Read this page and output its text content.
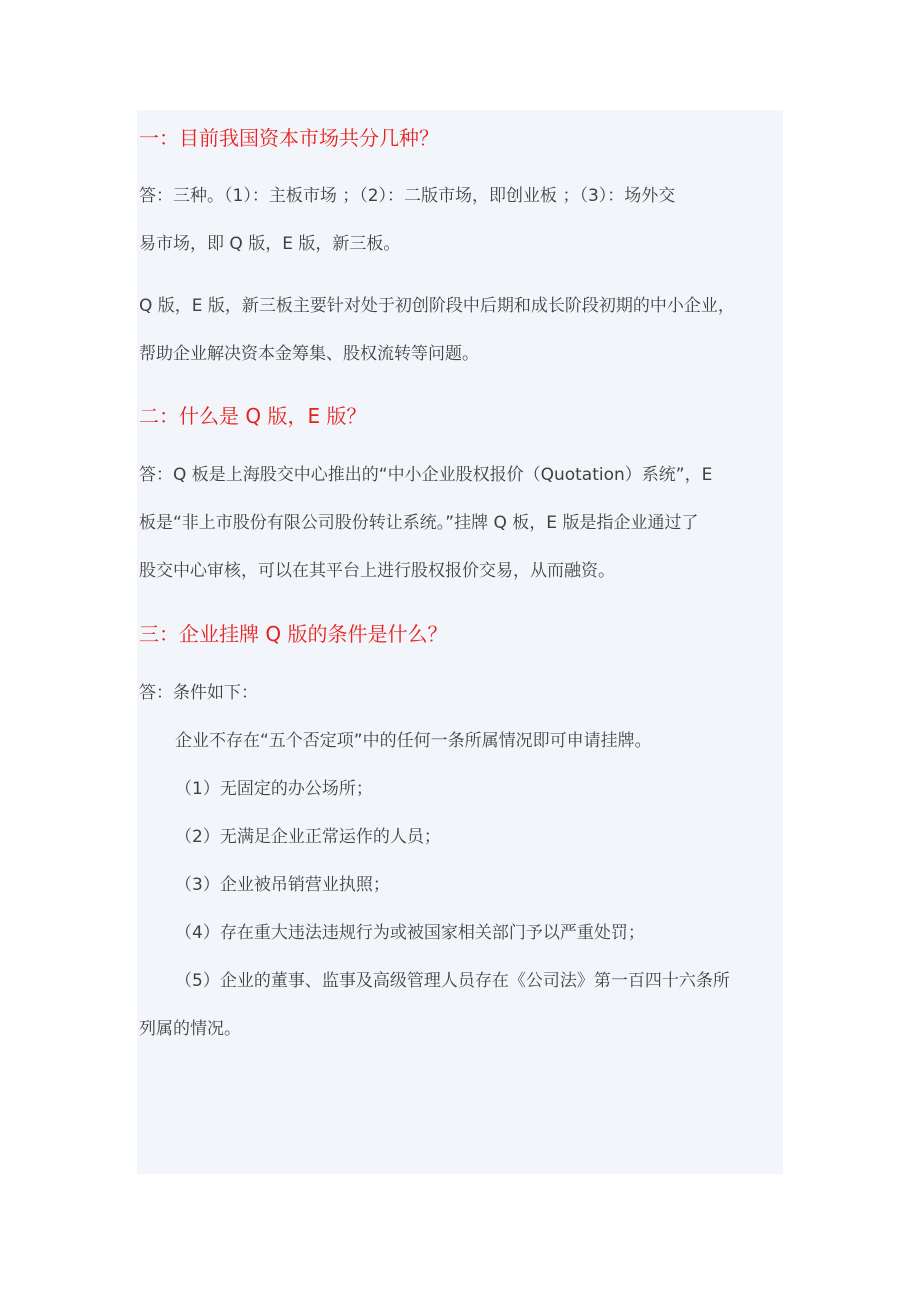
一：目前我国资本市场共分几种？

答：三种。（1）：主板市场 ；（2）：二版市场，即创业板 ；（3）：场外交

易市场，即 Q 版，E 版，新三板。

Q 版，E 版，新三板主要针对处于初创阶段中后期和成长阶段初期的中小企业，

帮助企业解决资本金筹集、股权流转等问题。

二：什么是 Q 版，E 版？

答：Q 板是上海股交中心推出的“中小企业股权报价（Quotation）系统”，E

板是“非上市股份有限公司股份转让系统。”挂牌 Q 板，E 版是指企业通过了

股交中心审核，可以在其平台上进行股权报价交易，从而融资。

三：企业挂牌 Q 版的条件是什么？

答：条件如下：

企业不存在“五个否定项”中的任何一条所属情况即可申请挂牌。

（1）无固定的办公场所；

（2）无满足企业正常运作的人员；

（3）企业被吊销营业执照；

（4）存在重大违法违规行为或被国家相关部门予以严重处罚；

（5）企业的董事、监事及高级管理人员存在《公司法》第一百四十六条所

列属的情况。
